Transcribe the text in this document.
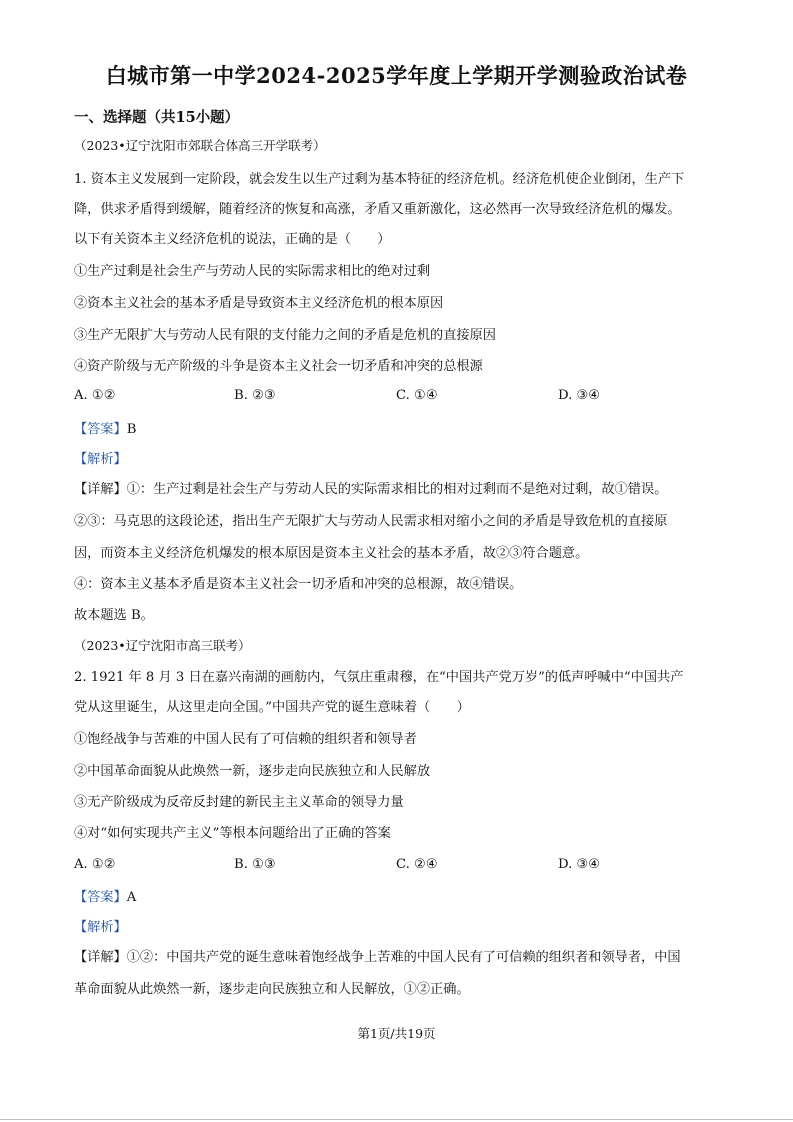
白城市第一中学2024-2025学年度上学期开学测验政治试卷
一、选择题（共15小题）
（2023•辽宁沈阳市郊联合体高三开学联考）
1. 资本主义发展到一定阶段，就会发生以生产过剩为基本特征的经济危机。经济危机使企业倒闭，生产下
降，供求矛盾得到缓解，随着经济的恢复和高涨，矛盾又重新激化，这必然再一次导致经济危机的爆发。
以下有关资本主义经济危机的说法，正确的是（　　）
①生产过剩是社会生产与劳动人民的实际需求相比的绝对过剩
②资本主义社会的基本矛盾是导致资本主义经济危机的根本原因
③生产无限扩大与劳动人民有限的支付能力之间的矛盾是危机的直接原因
④资产阶级与无产阶级的斗争是资本主义社会一切矛盾和冲突的总根源
A. ①②	B. ②③	C. ①④	D. ③④
【答案】B
【解析】
【详解】①：生产过剩是社会生产与劳动人民的实际需求相比的相对过剩而不是绝对过剩，故①错误。
②③：马克思的这段论述，指出生产无限扩大与劳动人民需求相对缩小之间的矛盾是导致危机的直接原
因，而资本主义经济危机爆发的根本原因是资本主义社会的基本矛盾，故②③符合题意。
④：资本主义基本矛盾是资本主义社会一切矛盾和冲突的总根源，故④错误。
故本题选 B。
（2023•辽宁沈阳市高三联考）
2. 1921 年 8 月 3 日在嘉兴南湖的画舫内，气氛庄重肃穆，在“中国共产党万岁”的低声呼喊中“中国共产
党从这里诞生，从这里走向全国。”中国共产党的诞生意味着（　　）
①饱经战争与苦难的中国人民有了可信赖的组织者和领导者
②中国革命面貌从此焕然一新，逐步走向民族独立和人民解放
③无产阶级成为反帝反封建的新民主主义革命的领导力量
④对“如何实现共产主义”等根本问题给出了正确的答案
A. ①②	B. ①③	C. ②④	D. ③④
【答案】A
【解析】
【详解】①②：中国共产党的诞生意味着饱经战争上苦难的中国人民有了可信赖的组织者和领导者，中国
革命面貌从此焕然一新，逐步走向民族独立和人民解放，①②正确。
第1页/共19页
